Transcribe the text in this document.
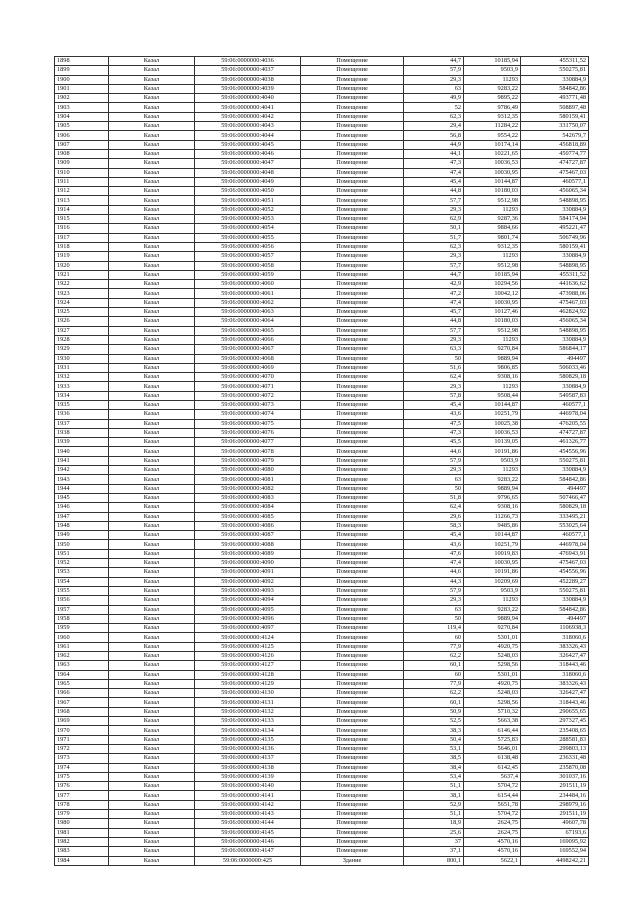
1898	Казал	59:06:0000000:4036	Помещение	44,7	10185,94	455311,52
1899	Казал	59:06:0000000:4037	Помещение	57,9	9503,9	550275,81
1900	Казал	59:06:0000000:4038	Помещение	29,3	11293	330884,9
1901	Казал	59:06:0000000:4039	Помещение	63	9283,22	584842,86
1902	Казал	59:06:0000000:4040	Помещение	49,9	9895,22	493771,48
1903	Казал	59:06:0000000:4041	Помещение	52	9786,49	508897,48
1904	Казал	59:06:0000000:4042	Помещение	62,3	9312,35	580159,41
1905	Казал	59:06:0000000:4043	Помещение	29,4	11284,22	331750,07
1906	Казал	59:06:0000000:4044	Помещение	56,8	9554,22	542679,7
1907	Казал	59:06:0000000:4045	Помещение	44,9	10174,14	456818,89
1908	Казал	59:06:0000000:4046	Помещение	44,1	10221,65	450774,77
1909	Казал	59:06:0000000:4047	Помещение	47,3	10036,53	474727,87
1910	Казал	59:06:0000000:4048	Помещение	47,4	10030,95	475467,03
1911	Казал	59:06:0000000:4049	Помещение	45,4	10144,87	460577,1
1912	Казал	59:06:0000000:4050	Помещение	44,8	10180,03	456065,34
1913	Казал	59:06:0000000:4051	Помещение	57,7	9512,98	548898,95
1914	Казал	59:06:0000000:4052	Помещение	29,3	11293	330884,9
1915	Казал	59:06:0000000:4053	Помещение	62,9	9287,36	584174,94
1916	Казал	59:06:0000000:4054	Помещение	50,1	9884,66	495221,47
1917	Казал	59:06:0000000:4055	Помещение	51,7	9801,74	506749,96
1918	Казал	59:06:0000000:4056	Помещение	62,3	9312,35	580159,41
1919	Казал	59:06:0000000:4057	Помещение	29,3	11293	330884,9
1920	Казал	59:06:0000000:4058	Помещение	57,7	9512,98	548898,95
1921	Казал	59:06:0000000:4059	Помещение	44,7	10185,94	455311,52
1922	Казал	59:06:0000000:4060	Помещение	42,9	10294,56	441636,62
1923	Казал	59:06:0000000:4061	Помещение	47,2	10042,12	473988,06
1924	Казал	59:06:0000000:4062	Помещение	47,4	10030,95	475467,03
1925	Казал	59:06:0000000:4063	Помещение	45,7	10127,46	462824,92
1926	Казал	59:06:0000000:4064	Помещение	44,8	10180,03	456065,34
1927	Казал	59:06:0000000:4065	Помещение	57,7	9512,98	548898,95
1928	Казал	59:06:0000000:4066	Помещение	29,3	11293	330884,9
1929	Казал	59:06:0000000:4067	Помещение	63,3	9270,84	586844,17
1930	Казал	59:06:0000000:4068	Помещение	50	9889,94	494497
1931	Казал	59:06:0000000:4069	Помещение	51,6	9806,85	506033,46
1932	Казал	59:06:0000000:4070	Помещение	62,4	9308,16	580829,18
1933	Казал	59:06:0000000:4071	Помещение	29,3	11293	330884,9
1934	Казал	59:06:0000000:4072	Помещение	57,8	9508,44	549587,83
1935	Казал	59:06:0000000:4073	Помещение	45,4	10144,87	460577,1
1936	Казал	59:06:0000000:4074	Помещение	43,6	10251,79	446978,04
1937	Казал	59:06:0000000:4075	Помещение	47,5	10025,38	476205,55
1938	Казал	59:06:0000000:4076	Помещение	47,3	10036,53	474727,87
1939	Казал	59:06:0000000:4077	Помещение	45,5	10139,05	461326,77
1940	Казал	59:06:0000000:4078	Помещение	44,6	10191,86	454556,96
1941	Казал	59:06:0000000:4079	Помещение	57,9	9503,9	550275,81
1942	Казал	59:06:0000000:4080	Помещение	29,3	11293	330884,9
1943	Казал	59:06:0000000:4081	Помещение	63	9283,22	584842,86
1944	Казал	59:06:0000000:4082	Помещение	50	9889,94	494497
1945	Казал	59:06:0000000:4083	Помещение	51,8	9796,65	507466,47
1946	Казал	59:06:0000000:4084	Помещение	62,4	9308,16	580829,18
1947	Казал	59:06:0000000:4085	Помещение	29,6	11266,73	333495,21
1948	Казал	59:06:0000000:4086	Помещение	58,3	9485,86	553025,64
1949	Казал	59:06:0000000:4087	Помещение	45,4	10144,87	460577,1
1950	Казал	59:06:0000000:4088	Помещение	43,6	10251,79	446978,04
1951	Казал	59:06:0000000:4089	Помещение	47,6	10019,83	476943,91
1952	Казал	59:06:0000000:4090	Помещение	47,4	10030,95	475467,03
1953	Казал	59:06:0000000:4091	Помещение	44,6	10191,86	454556,96
1954	Казал	59:06:0000000:4092	Помещение	44,3	10209,69	452289,27
1955	Казал	59:06:0000000:4093	Помещение	57,9	9503,9	550275,81
1956	Казал	59:06:0000000:4094	Помещение	29,3	11293	330884,9
1957	Казал	59:06:0000000:4095	Помещение	63	9283,22	584842,86
1958	Казал	59:06:0000000:4096	Помещение	50	9889,94	494497
1959	Казал	59:06:0000000:4097	Помещение	119,4	9270,84	1106938,3
1960	Казал	59:06:0000000:4124	Помещение	60	5301,01	318060,6
1961	Казал	59:06:0000000:4125	Помещение	77,9	4920,75	383326,43
1962	Казал	59:06:0000000:4126	Помещение	62,2	5248,03	326427,47
1963	Казал	59:06:0000000:4127	Помещение	60,1	5298,56	318443,46
1964	Казал	59:06:0000000:4128	Помещение	60	5301,01	318060,6
1965	Казал	59:06:0000000:4129	Помещение	77,9	4920,75	383326,43
1966	Казал	59:06:0000000:4130	Помещение	62,2	5248,03	326427,47
1967	Казал	59:06:0000000:4131	Помещение	60,1	5298,56	318443,46
1968	Казал	59:06:0000000:4132	Помещение	50,9	5710,32	290655,65
1969	Казал	59:06:0000000:4133	Помещение	52,5	5663,38	297327,45
1970	Казал	59:06:0000000:4134	Помещение	38,3	6146,44	235408,65
1971	Казал	59:06:0000000:4135	Помещение	50,4	5725,83	288581,83
1972	Казал	59:06:0000000:4136	Помещение	53,1	5646,01	299803,13
1973	Казал	59:06:0000000:4137	Помещение	38,5	6138,48	236331,48
1974	Казал	59:06:0000000:4138	Помещение	38,4	6142,45	235870,08
1975	Казал	59:06:0000000:4139	Помещение	53,4	5637,4	301037,16
1976	Казал	59:06:0000000:4140	Помещение	51,1	5704,72	291511,19
1977	Казал	59:06:0000000:4141	Помещение	38,1	6154,44	234484,16
1978	Казал	59:06:0000000:4142	Помещение	52,9	5651,78	298979,16
1979	Казал	59:06:0000000:4143	Помещение	51,1	5704,72	291511,19
1980	Казал	59:06:0000000:4144	Помещение	18,9	2624,75	49607,78
1981	Казал	59:06:0000000:4145	Помещение	25,6	2624,75	67193,6
1982	Казал	59:06:0000000:4146	Помещение	37	4570,16	169095,92
1983	Казал	59:06:0000000:4147	Помещение	37,1	4570,16	169552,94
1984	Казал	59:06:0000000:425	Здание	800,1	5622,1	4498242,21
